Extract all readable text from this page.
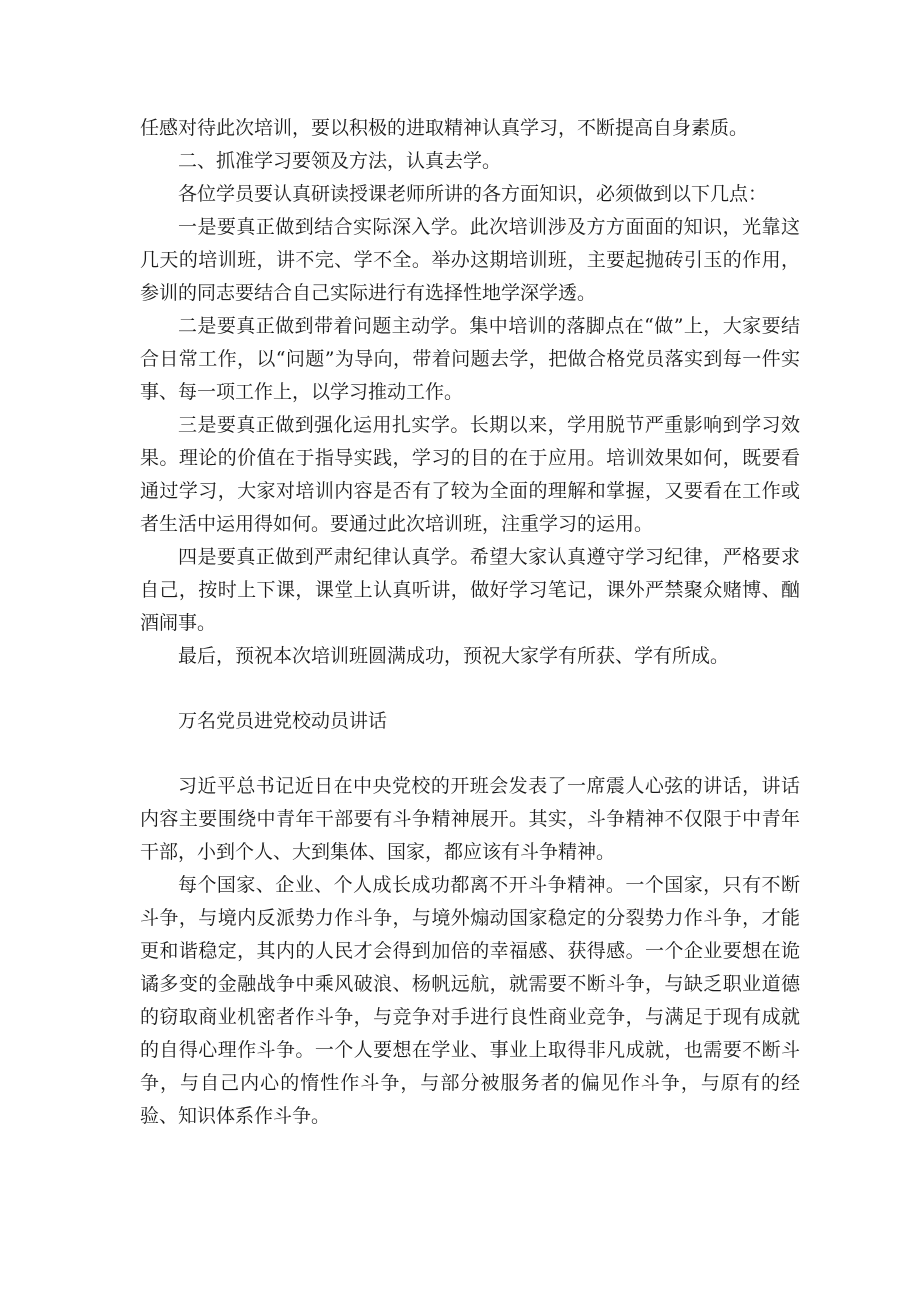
任感对待此次培训，要以积极的进取精神认真学习，不断提高自身素质。

二、抓准学习要领及方法，认真去学。

各位学员要认真研读授课老师所讲的各方面知识，必须做到以下几点：

一是要真正做到结合实际深入学。此次培训涉及方方面面的知识，光靠这几天的培训班，讲不完、学不全。举办这期培训班，主要起抛砖引玉的作用，参训的同志要结合自己实际进行有选择性地学深学透。

二是要真正做到带着问题主动学。集中培训的落脚点在“做”上，大家要结合日常工作，以“问题”为导向，带着问题去学，把做合格党员落实到每一件实事、每一项工作上，以学习推动工作。

三是要真正做到强化运用扎实学。长期以来，学用脱节严重影响到学习效果。理论的价值在于指导实践，学习的目的在于应用。培训效果如何，既要看通过学习，大家对培训内容是否有了较为全面的理解和掌握，又要看在工作或者生活中运用得如何。要通过此次培训班，注重学习的运用。

四是要真正做到严肃纪律认真学。希望大家认真遵守学习纪律，严格要求自己，按时上下课，课堂上认真听讲，做好学习笔记，课外严禁聚众赌博、酗酒闹事。

最后，预祝本次培训班圆满成功，预祝大家学有所获、学有所成。

万名党员进党校动员讲话

习近平总书记近日在中央党校的开班会发表了一席震人心弦的讲话，讲话内容主要围绕中青年干部要有斗争精神展开。其实，斗争精神不仅限于中青年干部，小到个人、大到集体、国家，都应该有斗争精神。

每个国家、企业、个人成长成功都离不开斗争精神。一个国家，只有不断斗争，与境内反派势力作斗争，与境外煽动国家稳定的分裂势力作斗争，才能更和谐稳定，其内的人民才会得到加倍的幸福感、获得感。一个企业要想在诡谲多变的金融战争中乘风破浪、杨帆远航，就需要不断斗争，与缺乏职业道德的窃取商业机密者作斗争，与竞争对手进行良性商业竞争，与满足于现有成就的自得心理作斗争。一个人要想在学业、事业上取得非凡成就，也需要不断斗争，与自己内心的惰性作斗争，与部分被服务者的偏见作斗争，与原有的经验、知识体系作斗争。
